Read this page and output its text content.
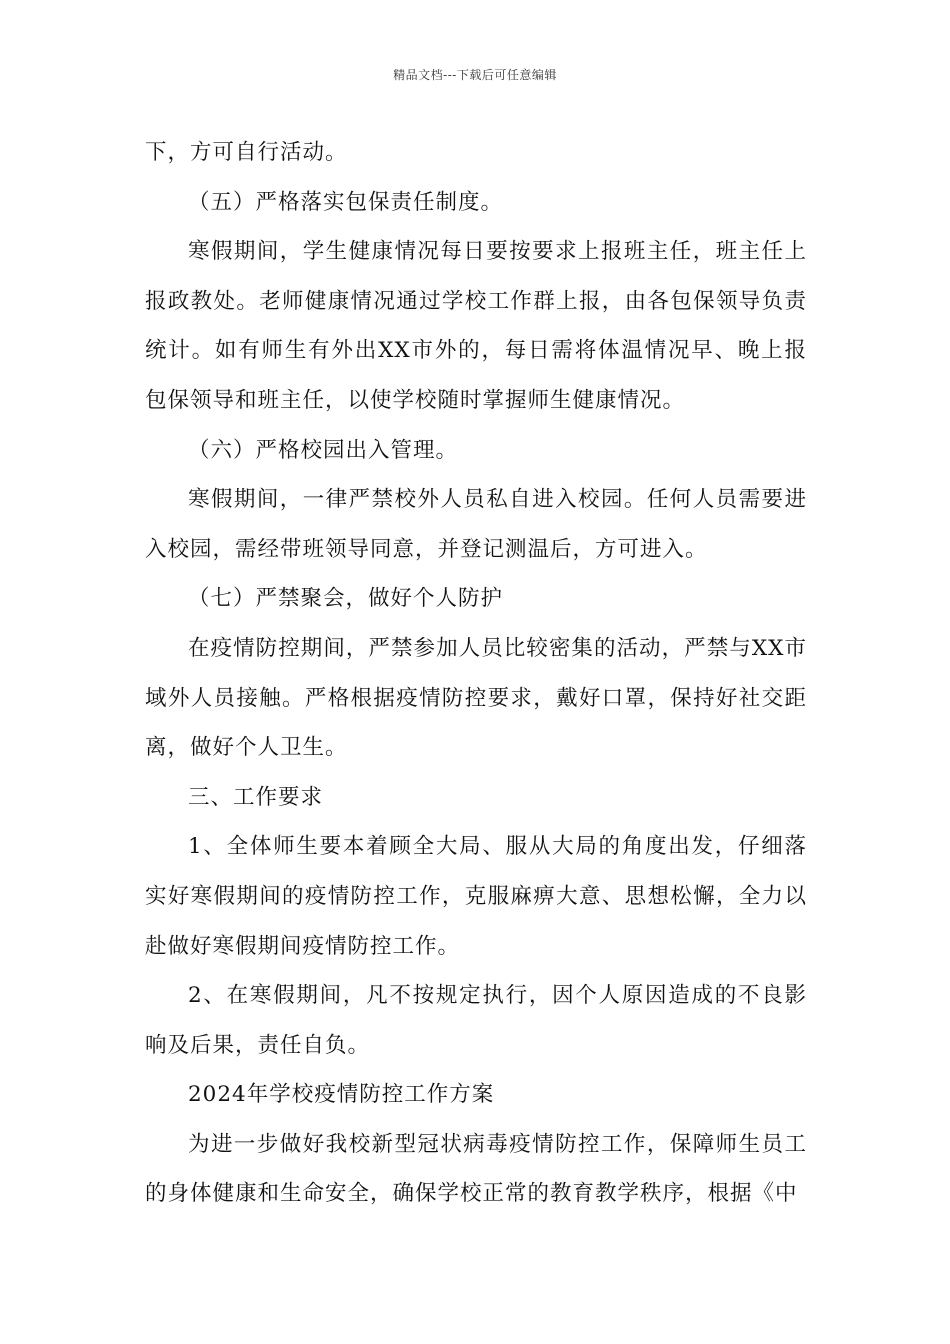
精品文档---下载后可任意编辑

下，方可自行活动。

（五）严格落实包保责任制度。

寒假期间，学生健康情况每日要按要求上报班主任，班主任上报政教处。老师健康情况通过学校工作群上报，由各包保领导负责统计。如有师生有外出XX市外的，每日需将体温情况早、晚上报包保领导和班主任，以使学校随时掌握师生健康情况。

（六）严格校园出入管理。

寒假期间，一律严禁校外人员私自进入校园。任何人员需要进入校园，需经带班领导同意，并登记测温后，方可进入。

（七）严禁聚会，做好个人防护

在疫情防控期间，严禁参加人员比较密集的活动，严禁与XX市域外人员接触。严格根据疫情防控要求，戴好口罩，保持好社交距离，做好个人卫生。

三、工作要求

1、全体师生要本着顾全大局、服从大局的角度出发，仔细落实好寒假期间的疫情防控工作，克服麻痹大意、思想松懈，全力以赴做好寒假期间疫情防控工作。

2、在寒假期间，凡不按规定执行，因个人原因造成的不良影响及后果，责任自负。

2024年学校疫情防控工作方案

为进一步做好我校新型冠状病毒疫情防控工作，保障师生员工的身体健康和生命安全，确保学校正常的教育教学秩序，根据《中
